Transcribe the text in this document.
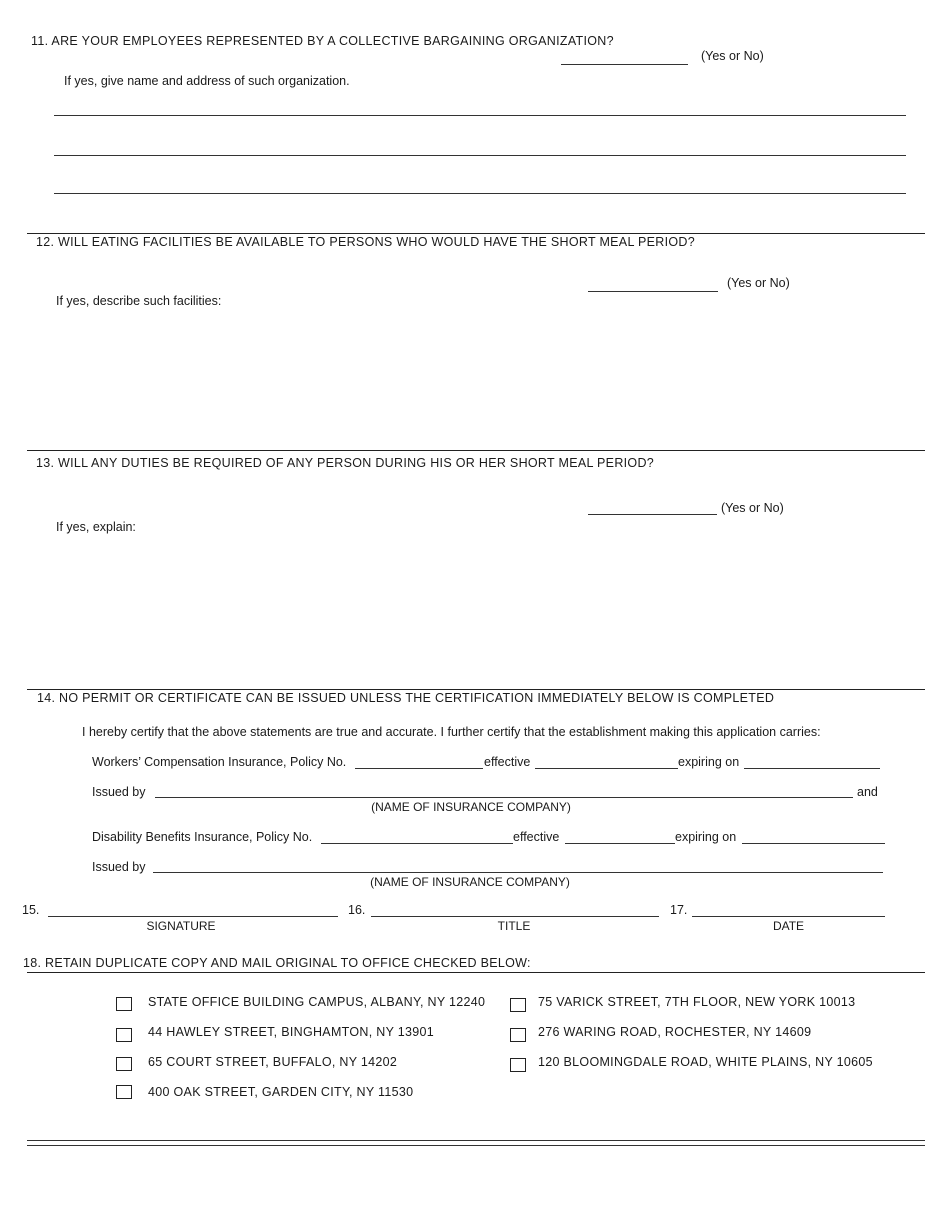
11. ARE YOUR EMPLOYEES REPRESENTED BY A COLLECTIVE BARGAINING ORGANIZATION?
(Yes or No)
If yes, give name and address of such organization.
12. WILL EATING FACILITIES BE AVAILABLE TO PERSONS WHO WOULD HAVE THE SHORT MEAL PERIOD?
(Yes or No)
If yes, describe such facilities:
13. WILL ANY DUTIES BE REQUIRED OF ANY PERSON DURING HIS OR HER SHORT MEAL PERIOD?
(Yes or No)
If yes, explain:
14. NO PERMIT OR CERTIFICATE CAN BE ISSUED UNLESS THE CERTIFICATION IMMEDIATELY BELOW IS COMPLETED
I hereby certify that the above statements are true and accurate. I further certify that the establishment making this application carries:
Workers’ Compensation Insurance, Policy No.	effective	expiring on
Issued by	and
(NAME OF INSURANCE COMPANY)
Disability Benefits Insurance, Policy No.	effective	expiring on
Issued by
(NAME OF INSURANCE COMPANY)
15.
SIGNATURE
16.
TITLE
17.
DATE
18. RETAIN DUPLICATE COPY AND MAIL ORIGINAL TO OFFICE CHECKED BELOW:
STATE OFFICE BUILDING CAMPUS, ALBANY, NY 12240
44 HAWLEY STREET, BINGHAMTON, NY 13901
65 COURT STREET, BUFFALO, NY 14202
400 OAK STREET, GARDEN CITY, NY 11530
75 VARICK STREET, 7TH FLOOR, NEW YORK 10013
276 WARING ROAD, ROCHESTER, NY 14609
120 BLOOMINGDALE ROAD, WHITE PLAINS, NY 10605
